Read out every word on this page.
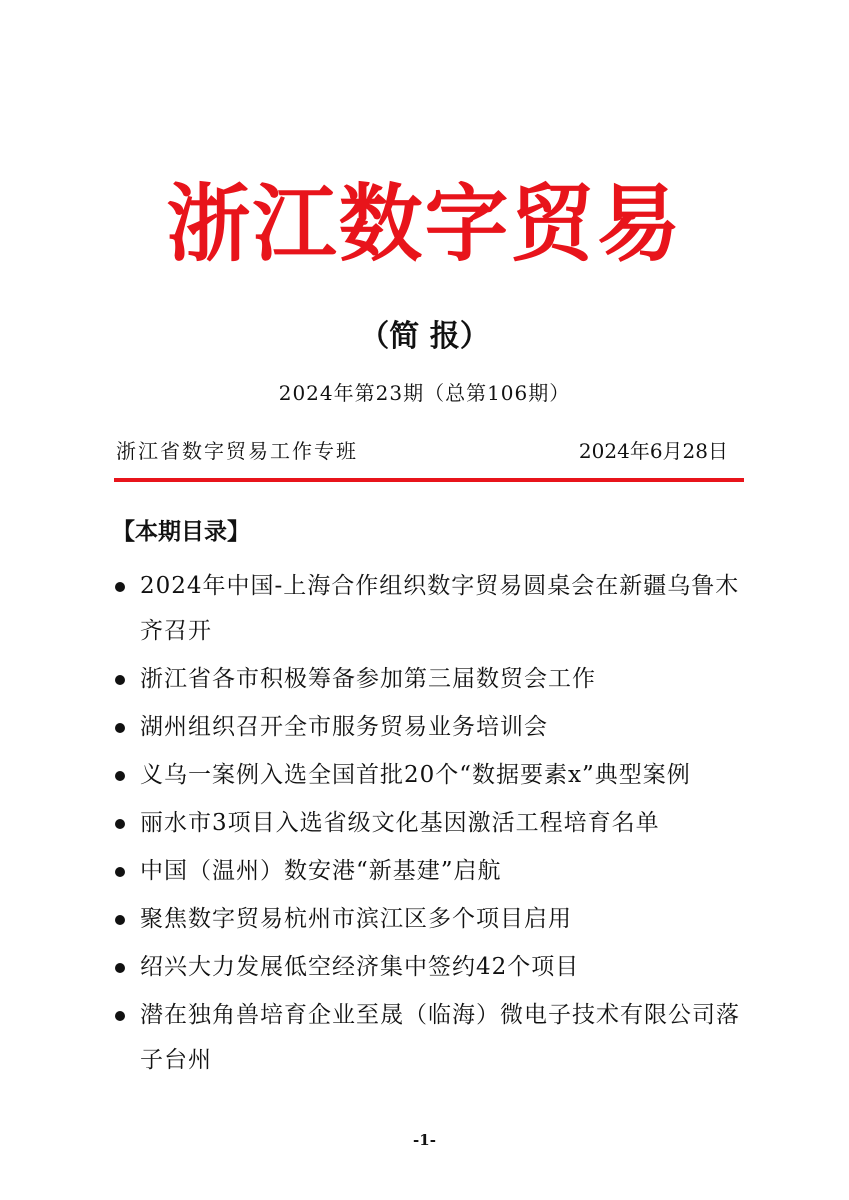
浙江数字贸易
（简 报）
2024年第23期（总第106期）
浙江省数字贸易工作专班	2024年6月28日
【本期目录】
2024年中国-上海合作组织数字贸易圆桌会在新疆乌鲁木齐召开
浙江省各市积极筹备参加第三届数贸会工作
湖州组织召开全市服务贸易业务培训会
义乌一案例入选全国首批20个“数据要素x”典型案例
丽水市3项目入选省级文化基因激活工程培育名单
中国（温州）数安港“新基建”启航
聚焦数字贸易杭州市滨江区多个项目启用
绍兴大力发展低空经济集中签约42个项目
潜在独角兽培育企业至晟（临海）微电子技术有限公司落子台州
-1-
